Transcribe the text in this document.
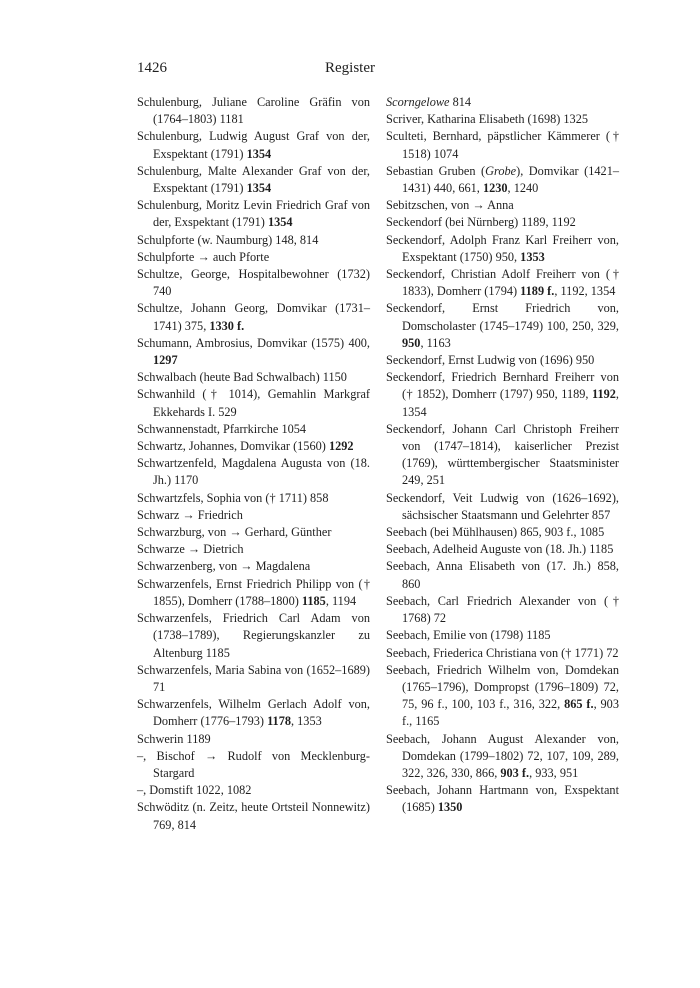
1426	Register
Schulenburg, Juliane Caroline Gräfin von (1764–1803) 1181
Schulenburg, Ludwig August Graf von der, Exspektant (1791) 1354
Schulenburg, Malte Alexander Graf von der, Exspektant (1791) 1354
Schulenburg, Moritz Levin Friedrich Graf von der, Exspektant (1791) 1354
Schulpforte (w. Naumburg) 148, 814
Schulpforte → auch Pforte
Schultze, George, Hospitalbewohner (1732) 740
Schultze, Johann Georg, Domvikar (1731–1741) 375, 1330 f.
Schumann, Ambrosius, Domvikar (1575) 400, 1297
Schwalbach (heute Bad Schwalbach) 1150
Schwanhild († 1014), Gemahlin Markgraf Ekkehards I. 529
Schwannenstadt, Pfarrkirche 1054
Schwartz, Johannes, Domvikar (1560) 1292
Schwartzenfeld, Magdalena Augusta von (18. Jh.) 1170
Schwartzfels, Sophia von († 1711) 858
Schwarz → Friedrich
Schwarzburg, von → Gerhard, Günther
Schwarze → Dietrich
Schwarzenberg, von → Magdalena
Schwarzenfels, Ernst Friedrich Philipp von († 1855), Domherr (1788–1800) 1185, 1194
Schwarzenfels, Friedrich Carl Adam von (1738–1789), Regierungskanzler zu Altenburg 1185
Schwarzenfels, Maria Sabina von (1652–1689) 71
Schwarzenfels, Wilhelm Gerlach Adolf von, Domherr (1776–1793) 1178, 1353
Schwerin 1189
–, Bischof → Rudolf von Mecklenburg-Stargard
–, Domstift 1022, 1082
Schwöditz (n. Zeitz, heute Ortsteil Nonnewitz) 769, 814
Scorngelowe 814
Scriver, Katharina Elisabeth (1698) 1325
Sculteti, Bernhard, päpstlicher Kämmerer († 1518) 1074
Sebastian Gruben (Grobe), Domvikar (1421–1431) 440, 661, 1230, 1240
Sebitzschen, von → Anna
Seckendorf (bei Nürnberg) 1189, 1192
Seckendorf, Adolph Franz Karl Freiherr von, Exspektant (1750) 950, 1353
Seckendorf, Christian Adolf Freiherr von († 1833), Domherr (1794) 1189 f., 1192, 1354
Seckendorf, Ernst Friedrich von, Domscholaster (1745–1749) 100, 250, 329, 950, 1163
Seckendorf, Ernst Ludwig von (1696) 950
Seckendorf, Friedrich Bernhard Freiherr von († 1852), Domherr (1797) 950, 1189, 1192, 1354
Seckendorf, Johann Carl Christoph Freiherr von (1747–1814), kaiserlicher Prezist (1769), württembergischer Staatsminister 249, 251
Seckendorf, Veit Ludwig von (1626–1692), sächsischer Staatsmann und Gelehrter 857
Seebach (bei Mühlhausen) 865, 903 f., 1085
Seebach, Adelheid Auguste von (18. Jh.) 1185
Seebach, Anna Elisabeth von (17. Jh.) 858, 860
Seebach, Carl Friedrich Alexander von († 1768) 72
Seebach, Emilie von (1798) 1185
Seebach, Friederica Christiana von († 1771) 72
Seebach, Friedrich Wilhelm von, Domdekan (1765–1796), Dompropst (1796–1809) 72, 75, 96 f., 100, 103 f., 316, 322, 865 f., 903 f., 1165
Seebach, Johann August Alexander von, Domdekan (1799–1802) 72, 107, 109, 289, 322, 326, 330, 866, 903 f., 933, 951
Seebach, Johann Hartmann von, Exspektant (1685) 1350
